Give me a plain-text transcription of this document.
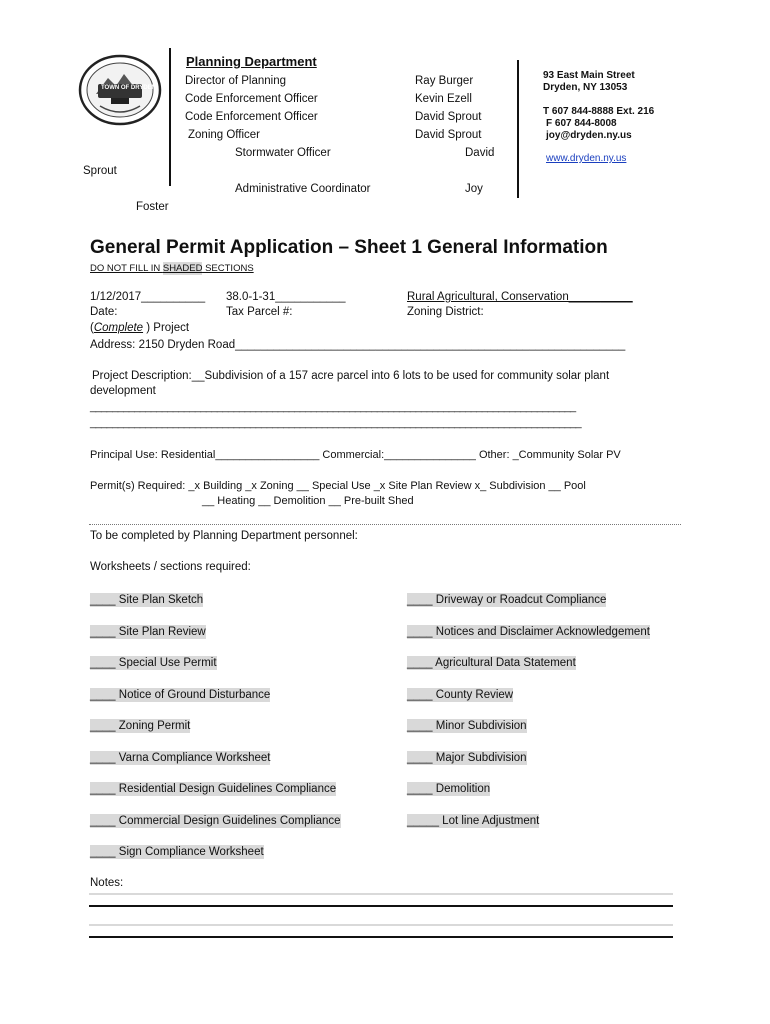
TOWN OF DRYDEN
Planning Department
Director of Planning	Ray Burger
Code Enforcement Officer	Kevin Ezell
Code Enforcement Officer	David Sprout
Zoning Officer	David Sprout
Stormwater Officer	David
Sprout
Administrative Coordinator	Joy
Foster
93 East Main Street
Dryden, NY 13053
T 607 844-8888 Ext. 216
F 607 844-8008
joy@dryden.ny.us
www.dryden.ny.us
General Permit Application – Sheet 1 General Information
DO NOT FILL IN SHADED SECTIONS
1/12/2017__________
Date:
38.0-1-31___________
Tax Parcel #:
Rural Agricultural, Conservation__________
Zoning District:
(Complete ) Project
Address: 2150 Dryden Road_____________________________________________________________
Project Description:__Subdivision of a 157 acre parcel into 6 lots to be used for community solar plant
development
________________________________________________________________________________________
_________________________________________________________________________________________
Principal Use: Residential_________________ Commercial:_______________ Other: _Community Solar PV
Permit(s) Required: _x Building _x Zoning __ Special Use _x Site Plan Review x_ Subdivision __ Pool
__ Heating __ Demolition __ Pre-built Shed
To be completed by Planning Department personnel:
Worksheets / sections required:
____ Site Plan Sketch
____ Site Plan Review
____ Special Use Permit
____ Notice of Ground Disturbance
____ Zoning Permit
____ Varna Compliance Worksheet
____ Residential Design Guidelines Compliance
____ Commercial Design Guidelines Compliance
____ Sign Compliance Worksheet
____ Driveway or Roadcut Compliance
____ Notices and Disclaimer Acknowledgement
____ Agricultural Data Statement
____ County Review
____ Minor Subdivision
____ Major Subdivision
____ Demolition
_____ Lot line Adjustment
Notes:
